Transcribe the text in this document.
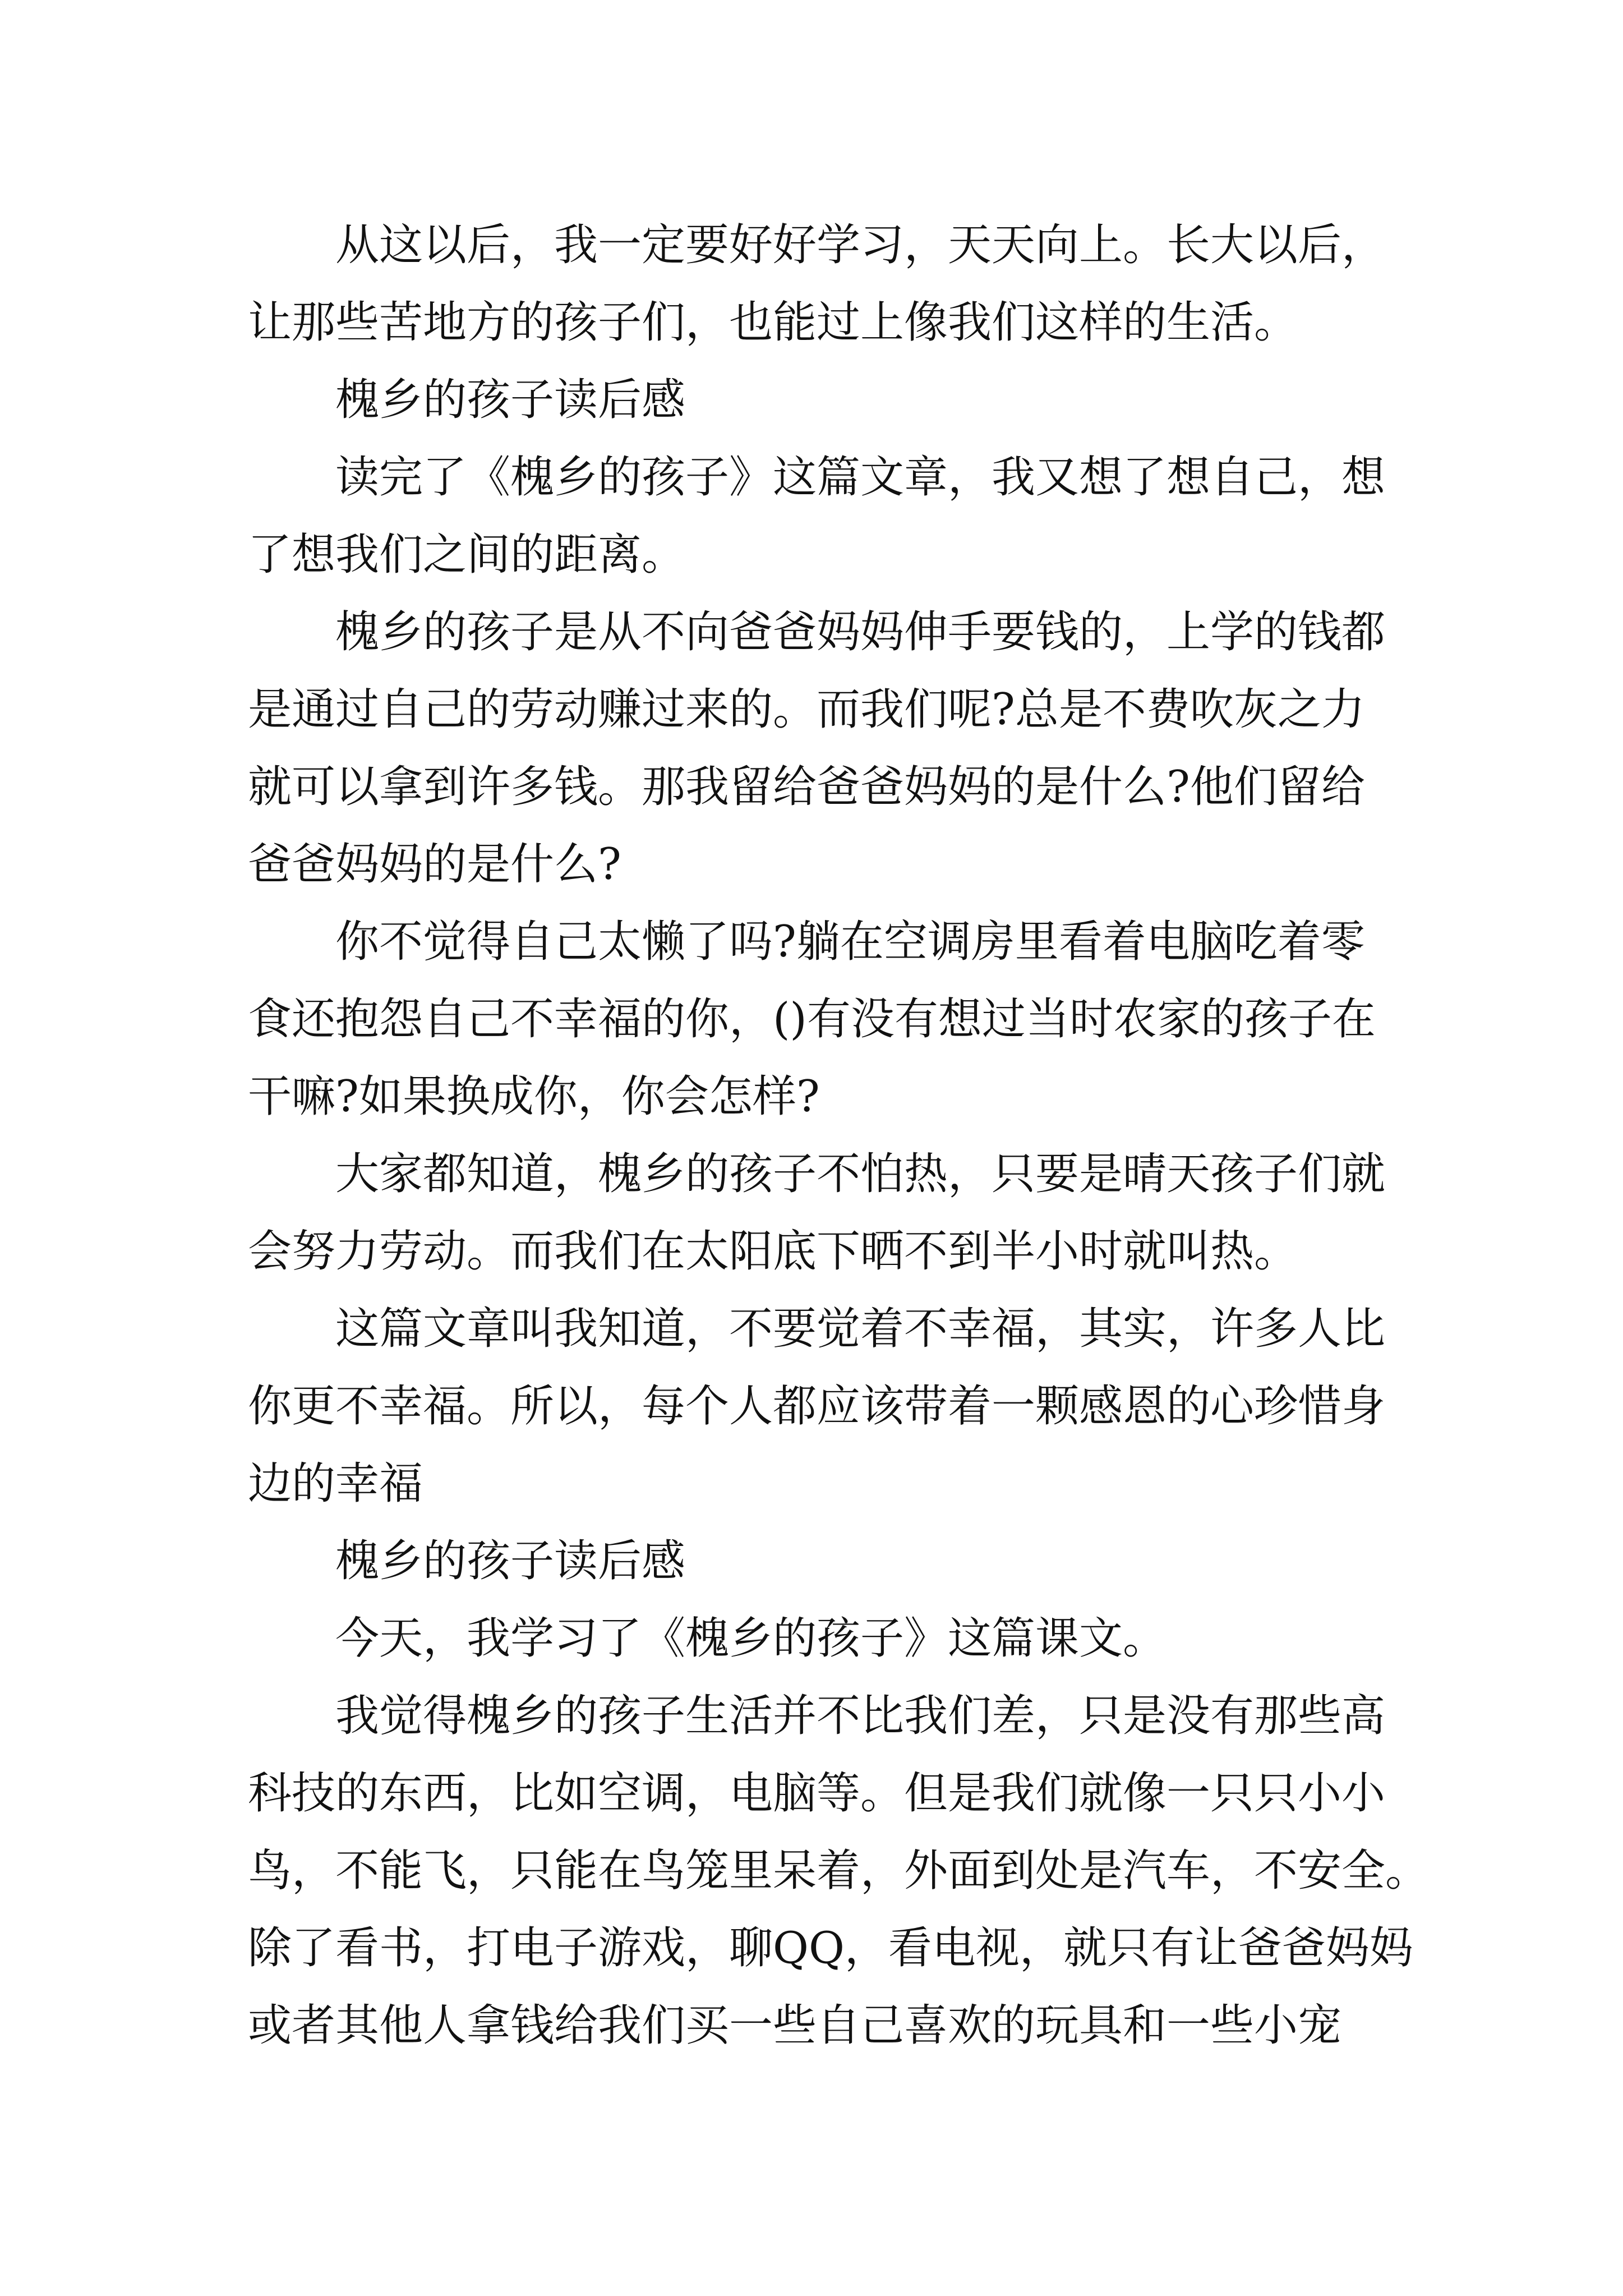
从这以后，我一定要好好学习，天天向上。长大以后，
让那些苦地方的孩子们，也能过上像我们这样的生活。
槐乡的孩子读后感
读完了《槐乡的孩子》这篇文章，我又想了想自己，想
了想我们之间的距离。
槐乡的孩子是从不向爸爸妈妈伸手要钱的，上学的钱都
是通过自己的劳动赚过来的。而我们呢?总是不费吹灰之力
就可以拿到许多钱。那我留给爸爸妈妈的是什么?他们留给
爸爸妈妈的是什么?
你不觉得自己太懒了吗?躺在空调房里看着电脑吃着零
食还抱怨自己不幸福的你，()有没有想过当时农家的孩子在
干嘛?如果换成你，你会怎样?
大家都知道，槐乡的孩子不怕热，只要是晴天孩子们就
会努力劳动。而我们在太阳底下晒不到半小时就叫热。
这篇文章叫我知道，不要觉着不幸福，其实，许多人比
你更不幸福。所以，每个人都应该带着一颗感恩的心珍惜身
边的幸福
槐乡的孩子读后感
今天，我学习了《槐乡的孩子》这篇课文。
我觉得槐乡的孩子生活并不比我们差，只是没有那些高
科技的东西，比如空调，电脑等。但是我们就像一只只小小
鸟，不能飞，只能在鸟笼里呆着，外面到处是汽车，不安全。
除了看书，打电子游戏，聊QQ，看电视，就只有让爸爸妈妈
或者其他人拿钱给我们买一些自己喜欢的玩具和一些小宠
